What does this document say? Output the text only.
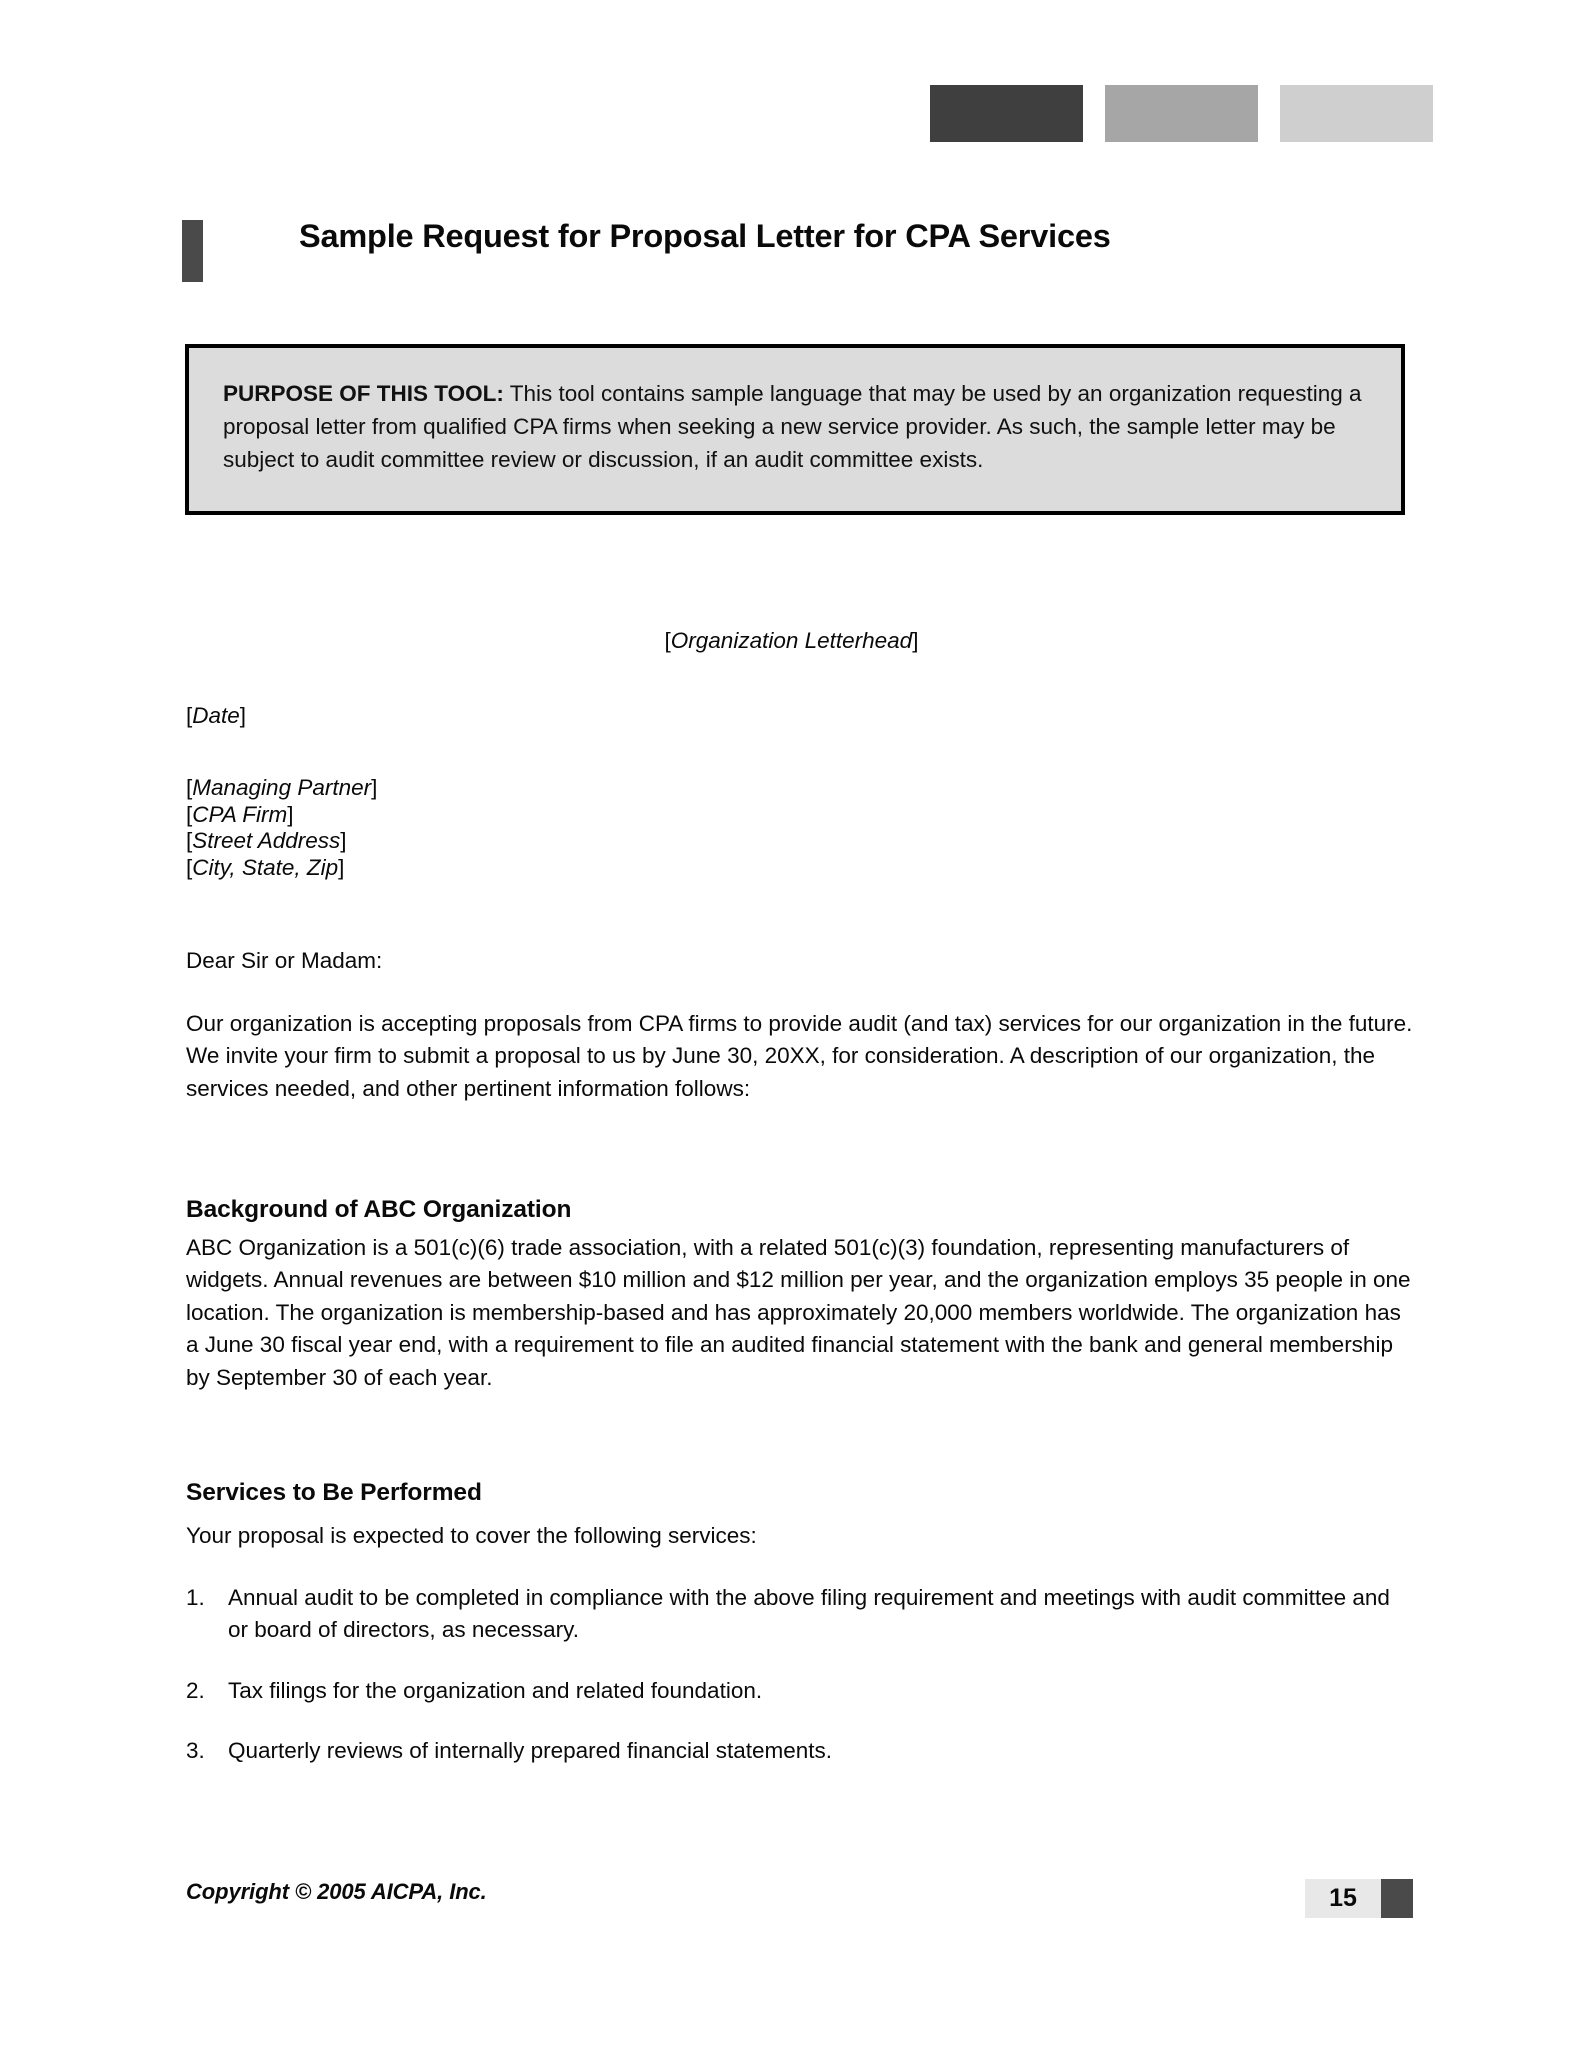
Sample Request for Proposal Letter for CPA Services
PURPOSE OF THIS TOOL: This tool contains sample language that may be used by an organization requesting a proposal letter from qualified CPA firms when seeking a new service provider. As such, the sample letter may be subject to audit committee review or discussion, if an audit committee exists.
[Organization Letterhead]
[Date]
[Managing Partner]
[CPA Firm]
[Street Address]
[City, State, Zip]
Dear Sir or Madam:
Our organization is accepting proposals from CPA firms to provide audit (and tax) services for our organization in the future. We invite your firm to submit a proposal to us by June 30, 20XX, for consideration. A description of our organization, the services needed, and other pertinent information follows:
Background of ABC Organization
ABC Organization is a 501(c)(6) trade association, with a related 501(c)(3) foundation, representing manufacturers of widgets. Annual revenues are between $10 million and $12 million per year, and the organization employs 35 people in one location. The organization is membership-based and has approximately 20,000 members worldwide. The organization has a June 30 fiscal year end, with a requirement to file an audited financial statement with the bank and general membership by September 30 of each year.
Services to Be Performed
Your proposal is expected to cover the following services:
1.	Annual audit to be completed in compliance with the above filing requirement and meetings with audit committee and or board of directors, as necessary.
2.	Tax filings for the organization and related foundation.
3.	Quarterly reviews of internally prepared financial statements.
Copyright © 2005 AICPA, Inc.	15
